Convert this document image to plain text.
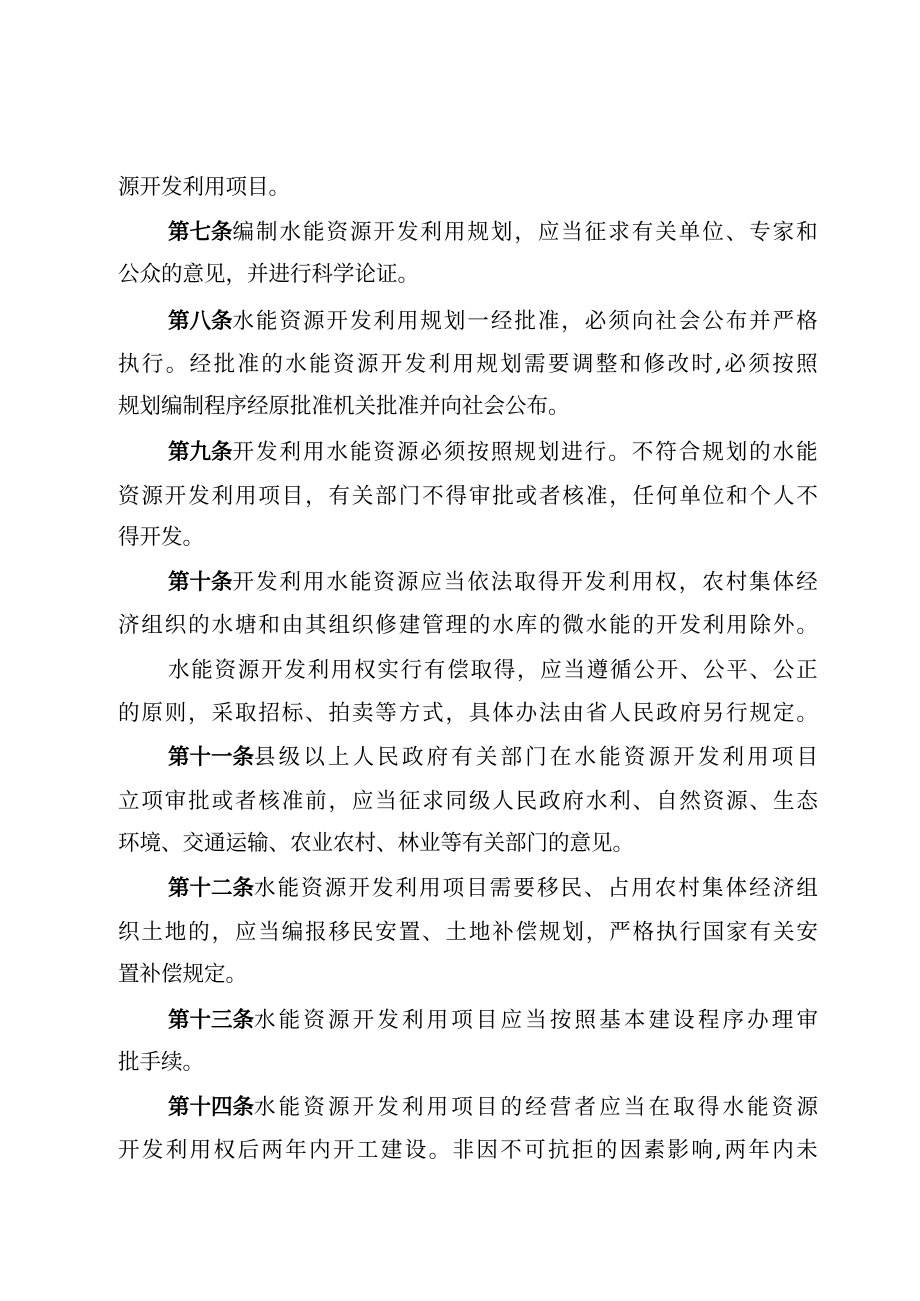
源开发利用项目。
第七条 编 制 水 能 资 源 开 发 利 用 规 划 ， 应 当 征 求 有 关 单 位 、 专 家 和
公众的意见，并进行科学论证。
第八条 水 能 资 源 开 发 利 用 规 划 一 经 批 准 ， 必 须 向 社 会 公 布 并 严 格
执 行 。 经 批 准 的 水 能 资 源 开 发 利 用 规 划 需 要 调 整 和 修 改 时 , 必 须 按 照
规划编制程序经原批准机关批准并向社会公布。
第九条 开 发 利 用 水 能 资 源 必 须 按 照 规 划 进 行 。 不 符 合 规 划 的 水 能
资 源 开 发 利 用 项 目 ， 有 关 部 门 不 得 审 批 或 者 核 准 ， 任 何 单 位 和 个 人 不
得开发。
第十条 开 发 利 用 水 能 资 源 应 当 依 法 取 得 开 发 利 用 权 ， 农 村 集 体 经
济 组 织 的 水 塘 和 由 其 组 织 修 建 管 理 的 水 库 的 微 水 能 的 开 发 利 用 除 外 。
水 能 资 源 开 发 利 用 权 实 行 有 偿 取 得 ， 应 当 遵 循 公 开 、 公 平 、 公 正
的 原 则 ， 采 取 招 标 、 拍 卖 等 方 式 ， 具 体 办 法 由 省 人 民 政 府 另 行 规 定 。
第十一条 县 级 以 上 人 民 政 府 有 关 部 门 在 水 能 资 源 开 发 利 用 项 目
立 项 审 批 或 者 核 准 前 ， 应 当 征 求 同 级 人 民 政 府 水 利 、 自 然 资 源 、 生 态
环境、交通运输、农业农村、林业等有关部门的意见。
第十二条 水 能 资 源 开 发 利 用 项 目 需 要 移 民 、 占 用 农 村 集 体 经 济 组
织 土 地 的 ， 应 当 编 报 移 民 安 置 、 土 地 补 偿 规 划 ， 严 格 执 行 国 家 有 关 安
置补偿规定。
第十三条 水 能 资 源 开 发 利 用 项 目 应 当 按 照 基 本 建 设 程 序 办 理 审
批手续。
第十四条 水 能 资 源 开 发 利 用 项 目 的 经 营 者 应 当 在 取 得 水 能 资 源
开 发 利 用 权 后 两 年 内 开 工 建 设 。 非 因 不 可 抗 拒 的 因 素 影 响 , 两 年 内 未
